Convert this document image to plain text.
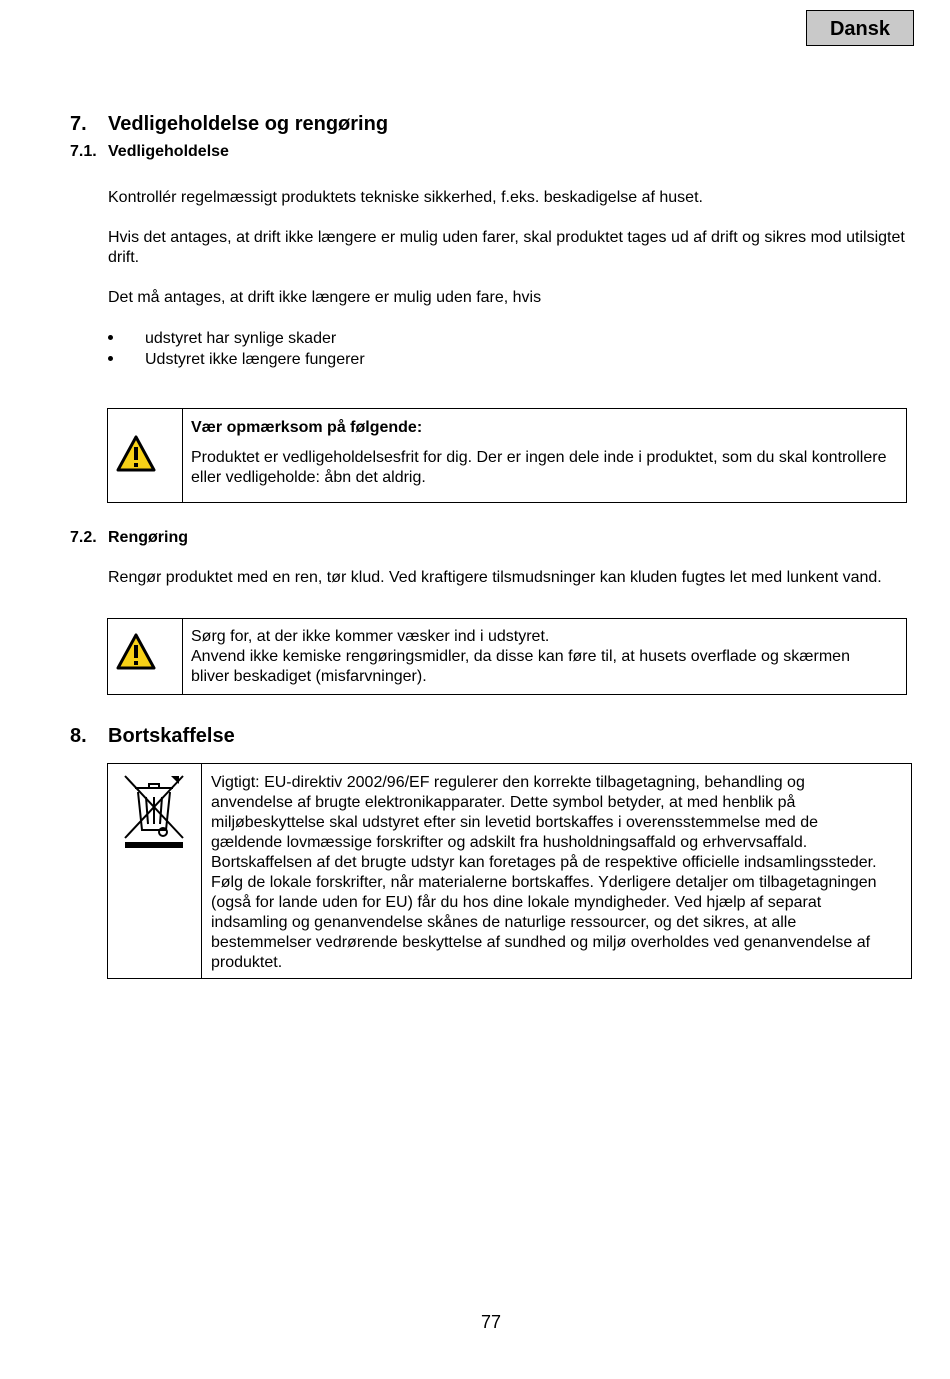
Dansk
7. Vedligeholdelse og rengøring
7.1. Vedligeholdelse
Kontrollér regelmæssigt produktets tekniske sikkerhed, f.eks. beskadigelse af huset.
Hvis det antages, at drift ikke længere er mulig uden farer, skal produktet tages ud af drift og sikres mod utilsigtet drift.
Det må antages, at drift ikke længere er mulig uden fare, hvis
udstyret har synlige skader
Udstyret ikke længere fungerer
Vær opmærksom på følgende:
Produktet er vedligeholdelsesfrit for dig. Der er ingen dele inde i produktet, som du skal kontrollere eller vedligeholde: åbn det aldrig.
7.2. Rengøring
Rengør produktet med en ren, tør klud. Ved kraftigere tilsmudsninger kan kluden fugtes let med lunkent vand.
Sørg for, at der ikke kommer væsker ind i udstyret.
Anvend ikke kemiske rengøringsmidler, da disse kan føre til, at husets overflade og skærmen bliver beskadiget (misfarvninger).
8. Bortskaffelse
Vigtigt: EU-direktiv 2002/96/EF regulerer den korrekte tilbagetagning, behandling og anvendelse af brugte elektronikapparater. Dette symbol betyder, at med henblik på miljøbeskyttelse skal udstyret efter sin levetid bortskaffes i overensstemmelse med de gældende lovmæssige forskrifter og adskilt fra husholdningsaffald og erhvervsaffald. Bortskaffelsen af det brugte udstyr kan foretages på de respektive officielle indsamlingssteder. Følg de lokale forskrifter, når materialerne bortskaffes. Yderligere detaljer om tilbagetagningen (også for lande uden for EU) får du hos dine lokale myndigheder. Ved hjælp af separat indsamling og genanvendelse skånes de naturlige ressourcer, og det sikres, at alle bestemmelser vedrørende beskyttelse af sundhed og miljø overholdes ved genanvendelse af produktet.
77
